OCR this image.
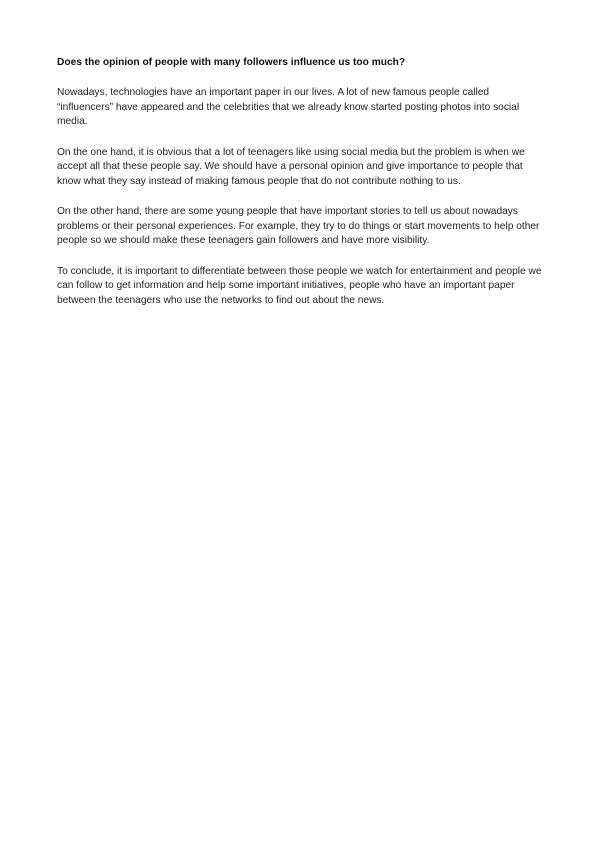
Does the opinion of people with many followers influence us too much?

Nowadays, technologies have an important paper in our lives. A lot of new famous people called “influencers” have appeared and the celebrities that we already know started posting photos into social media.

On the one hand, it is obvious that a lot of teenagers like using social media but the problem is when we accept all that these people say. We should have a personal opinion and give importance to people that know what they say instead of making famous people that do not contribute nothing to us.

On the other hand, there are some young people that have important stories to tell us about nowadays problems or their personal experiences. For example, they try to do things or start movements to help other people so we should make these teenagers gain followers and have more visibility.

To conclude, it is important to differentiate between those people we watch for entertainment and people we can follow to get information and help some important initiatives, people who have an important paper between the teenagers who use the networks to find out about the news.
